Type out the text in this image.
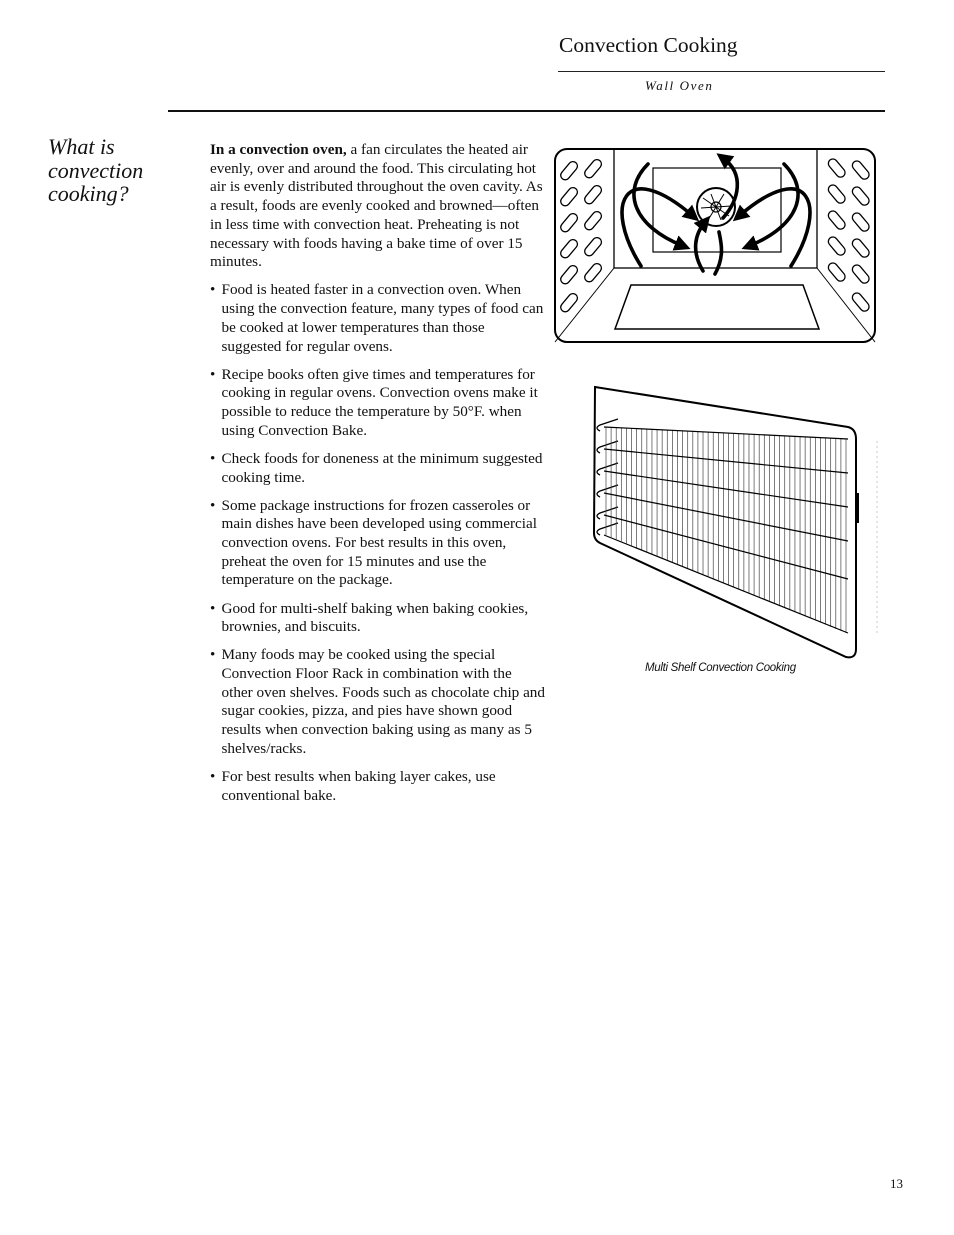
Convection Cooking
Wall Oven
What is convection cooking?

In a convection oven, a fan circulates the heated air evenly, over and around the food. This circulating hot air is evenly distributed throughout the oven cavity. As a result, foods are evenly cooked and browned—often in less time with convection heat. Preheating is not necessary with foods having a bake time of over 15 minutes.

• Food is heated faster in a convection oven. When using the convection feature, many types of food can be cooked at lower temperatures than those suggested for regular ovens.
• Recipe books often give times and temperatures for cooking in regular ovens. Convection ovens make it possible to reduce the temperature by 50°F. when using Convection Bake.
• Check foods for doneness at the minimum suggested cooking time.
• Some package instructions for frozen casseroles or main dishes have been developed using commercial convection ovens. For best results in this oven, preheat the oven for 15 minutes and use the temperature on the package.
• Good for multi-shelf baking when baking cookies, brownies, and biscuits.
• Many foods may be cooked using the special Convection Floor Rack in combination with the other oven shelves. Foods such as chocolate chip and sugar cookies, pizza, and pies have shown good results when convection baking using as many as 5 shelves/racks.
• For best results when baking layer cakes, use conventional bake.
Multi Shelf Convection Cooking
13
